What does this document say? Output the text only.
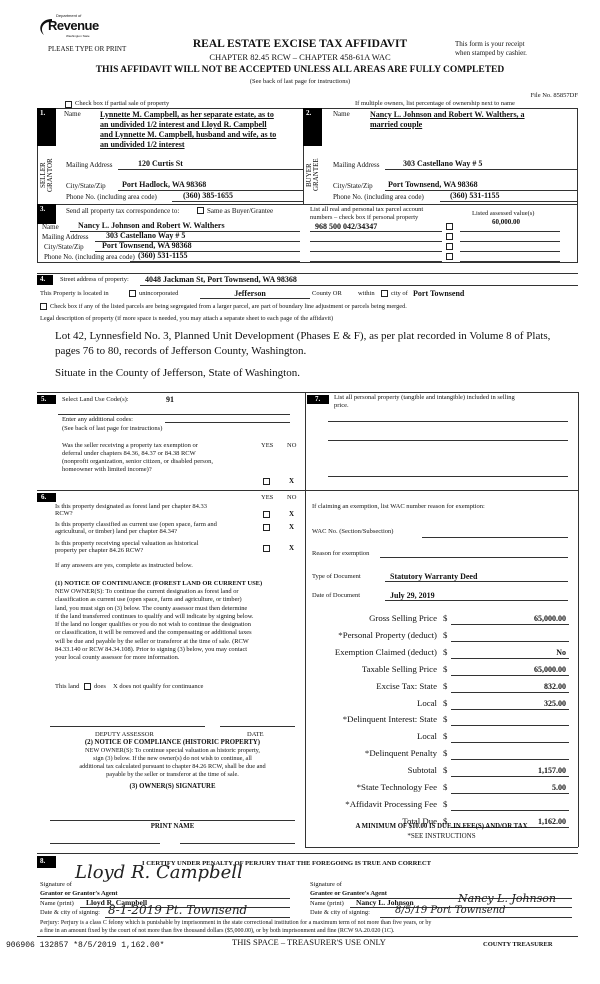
Department of
Revenue
Washington State
PLEASE TYPE OR PRINT	REAL ESTATE EXCISE TAX AFFIDAVIT
CHAPTER 82.45 RCW – CHAPTER 458-61A WAC
This form is your receipt
when stamped by cashier.
THIS AFFIDAVIT WILL NOT BE ACCEPTED UNLESS ALL AREAS ARE FULLY COMPLETED
(See back of last page for instructions)
File No. 85857DF
Check box if partial sale of property	If multiple owners, list percentage of ownership next to name
1.
SELLER GRANTOR
Name Lynnette M. Campbell, as her separate estate, as to
an undivided 1/2 interest and Lloyd R. Campbell
and Lynnette M. Campbell, husband and wife, as to
an undivided 1/2 interest
Mailing Address	120 Curtis St
City/State/Zip Port Hadlock, WA 98368
Phone No. (including area code)	(360) 385-1655
2.
BUYER GRANTEE
Name	Nancy L. Johnson and Robert W. Walthers, a
married couple
Mailing Address	303 Castellano Way # 5
City/State/Zip Port Townsend, WA 98368
Phone No. (including area code)	(360) 531-1155
3.	Send all property tax correspondence to:	Same as Buyer/Grantee
Name Nancy L. Johnson and Robert W. Walthers
Mailing Address 303 Castellano Way # 5
City/State/Zip Port Townsend, WA 98368
Phone No. (including area code) (360) 531-1155
List all real and personal tax parcel account
numbers – check box if personal property
Listed assessed value(s)
968 500 042/34347	60,000.00
4.	Street address of property: 4048 Jackman St, Port Townsend, WA 98368
This Property is located in	unincorporated	Jefferson	County OR within	city of Port Townsend
Check box if any of the listed parcels are being segregated from a larger parcel, are part of boundary line adjustment or parcels being merged.
Legal description of property (if more space is needed, you may attach a separate sheet to each page of the affidavit)
Lot 42, Lynnesfield No. 3, Planned Unit Development (Phases E & F), as per plat recorded in Volume 8 of Plats,
pages 76 to 80, records of Jefferson County, Washington.
Situate in the County of Jefferson, State of Washington.
5.	Select Land Use Code(s):	91
Enter any additional codes:
(See back of last page for instructions)
Was the seller receiving a property tax exemption or
deferral under chapters 84.36, 84.37 or 84.38 RCW
(nonprofit organization, senior citizen, or disabled person,
homeowner with limited income)?
YES NO
X
7.	List all personal property (tangible and intangible) included in selling
price.
6.	YES NO
Is this property designated as forest land per chapter 84.33
RCW?	X
Is this property classified as current use (open space, farm and
agricultural, or timber) land per chapter 84.34?
X
Is this property receiving special valuation as historical
property per chapter 84.26 RCW?	X
If any answers are yes, complete as instructed below.
(1) NOTICE OF CONTINUANCE (FOREST LAND OR CURRENT USE)
NEW OWNER(S): To continue the current designation as forest land or
classification as current use (open space, farm and agriculture, or timber)
land, you must sign on (3) below. The county assessor must then determine
if the land transferred continues to qualify and will indicate by signing below.
If the land no longer qualifies or you do not wish to continue the designation
or classification, it will be removed and the compensating or additional taxes
will be due and payable by the seller or transferor at the time of sale. (RCW
84.33.140 or RCW 84.34.108). Prior to signing (3) below, you may contact
your local county assessor for more information.
This land does X does not qualify for continuance
DEPUTY ASSESSOR	DATE
(2) NOTICE OF COMPLIANCE (HISTORIC PROPERTY)
NEW OWNER(S): To continue special valuation as historic property,
sign (3) below. If the new owner(s) do not wish to continue, all
additional tax calculated pursuant to chapter 84.26 RCW, shall be due and
payable by the seller or transferor at the time of sale.
(3) OWNER(S) SIGNATURE
PRINT NAME
If claiming an exemption, list WAC number reason for exemption:
WAC No. (Section/Subsection)
Reason for exemption
Type of Document	Statutory Warranty Deed
Date of Document	July 29, 2019
Gross Selling Price $	65,000.00
*Personal Property (deduct) $
Exemption Claimed (deduct) $	No
Taxable Selling Price $	65,000.00
Excise Tax: State $	832.00
Local $	325.00
*Delinquent Interest: State $
Local $
*Delinquent Penalty $
Subtotal $	1,157.00
*State Technology Fee $	5.00
*Affidavit Processing Fee $
Total Due $	1,162.00
A MINIMUM OF $10.00 IS DUE IN FEE(S) AND/OR TAX
*SEE INSTRUCTIONS
8.	I CERTIFY UNDER PENALTY OF PERJURY THAT THE FOREGOING IS TRUE AND CORRECT
Signature of
Lloyd R. Campbell
Grantor or Grantor's Agent
Name (print) Lloyd R. Campbell
Date & city of signing: 8-1-2019 Pt. Townsend
Signature of
Grantee or Grantee's Agent
Name (print) Nancy L. Johnson	Nancy L. Johnson
Date & city of signing:	8/5/19 Port Townsend
Perjury: Perjury is a class C felony which is punishable by imprisonment in the state correctional institution for a maximum term of not more than five years, or by
a fine in an amount fixed by the court of not more than five thousand dollars ($5,000.00), or by both imprisonment and fine (RCW 9A.20.020 (1C).
906906 132857 *8/5/2019 1,162.00*	THIS SPACE – TREASURER'S USE ONLY	COUNTY TREASURER
